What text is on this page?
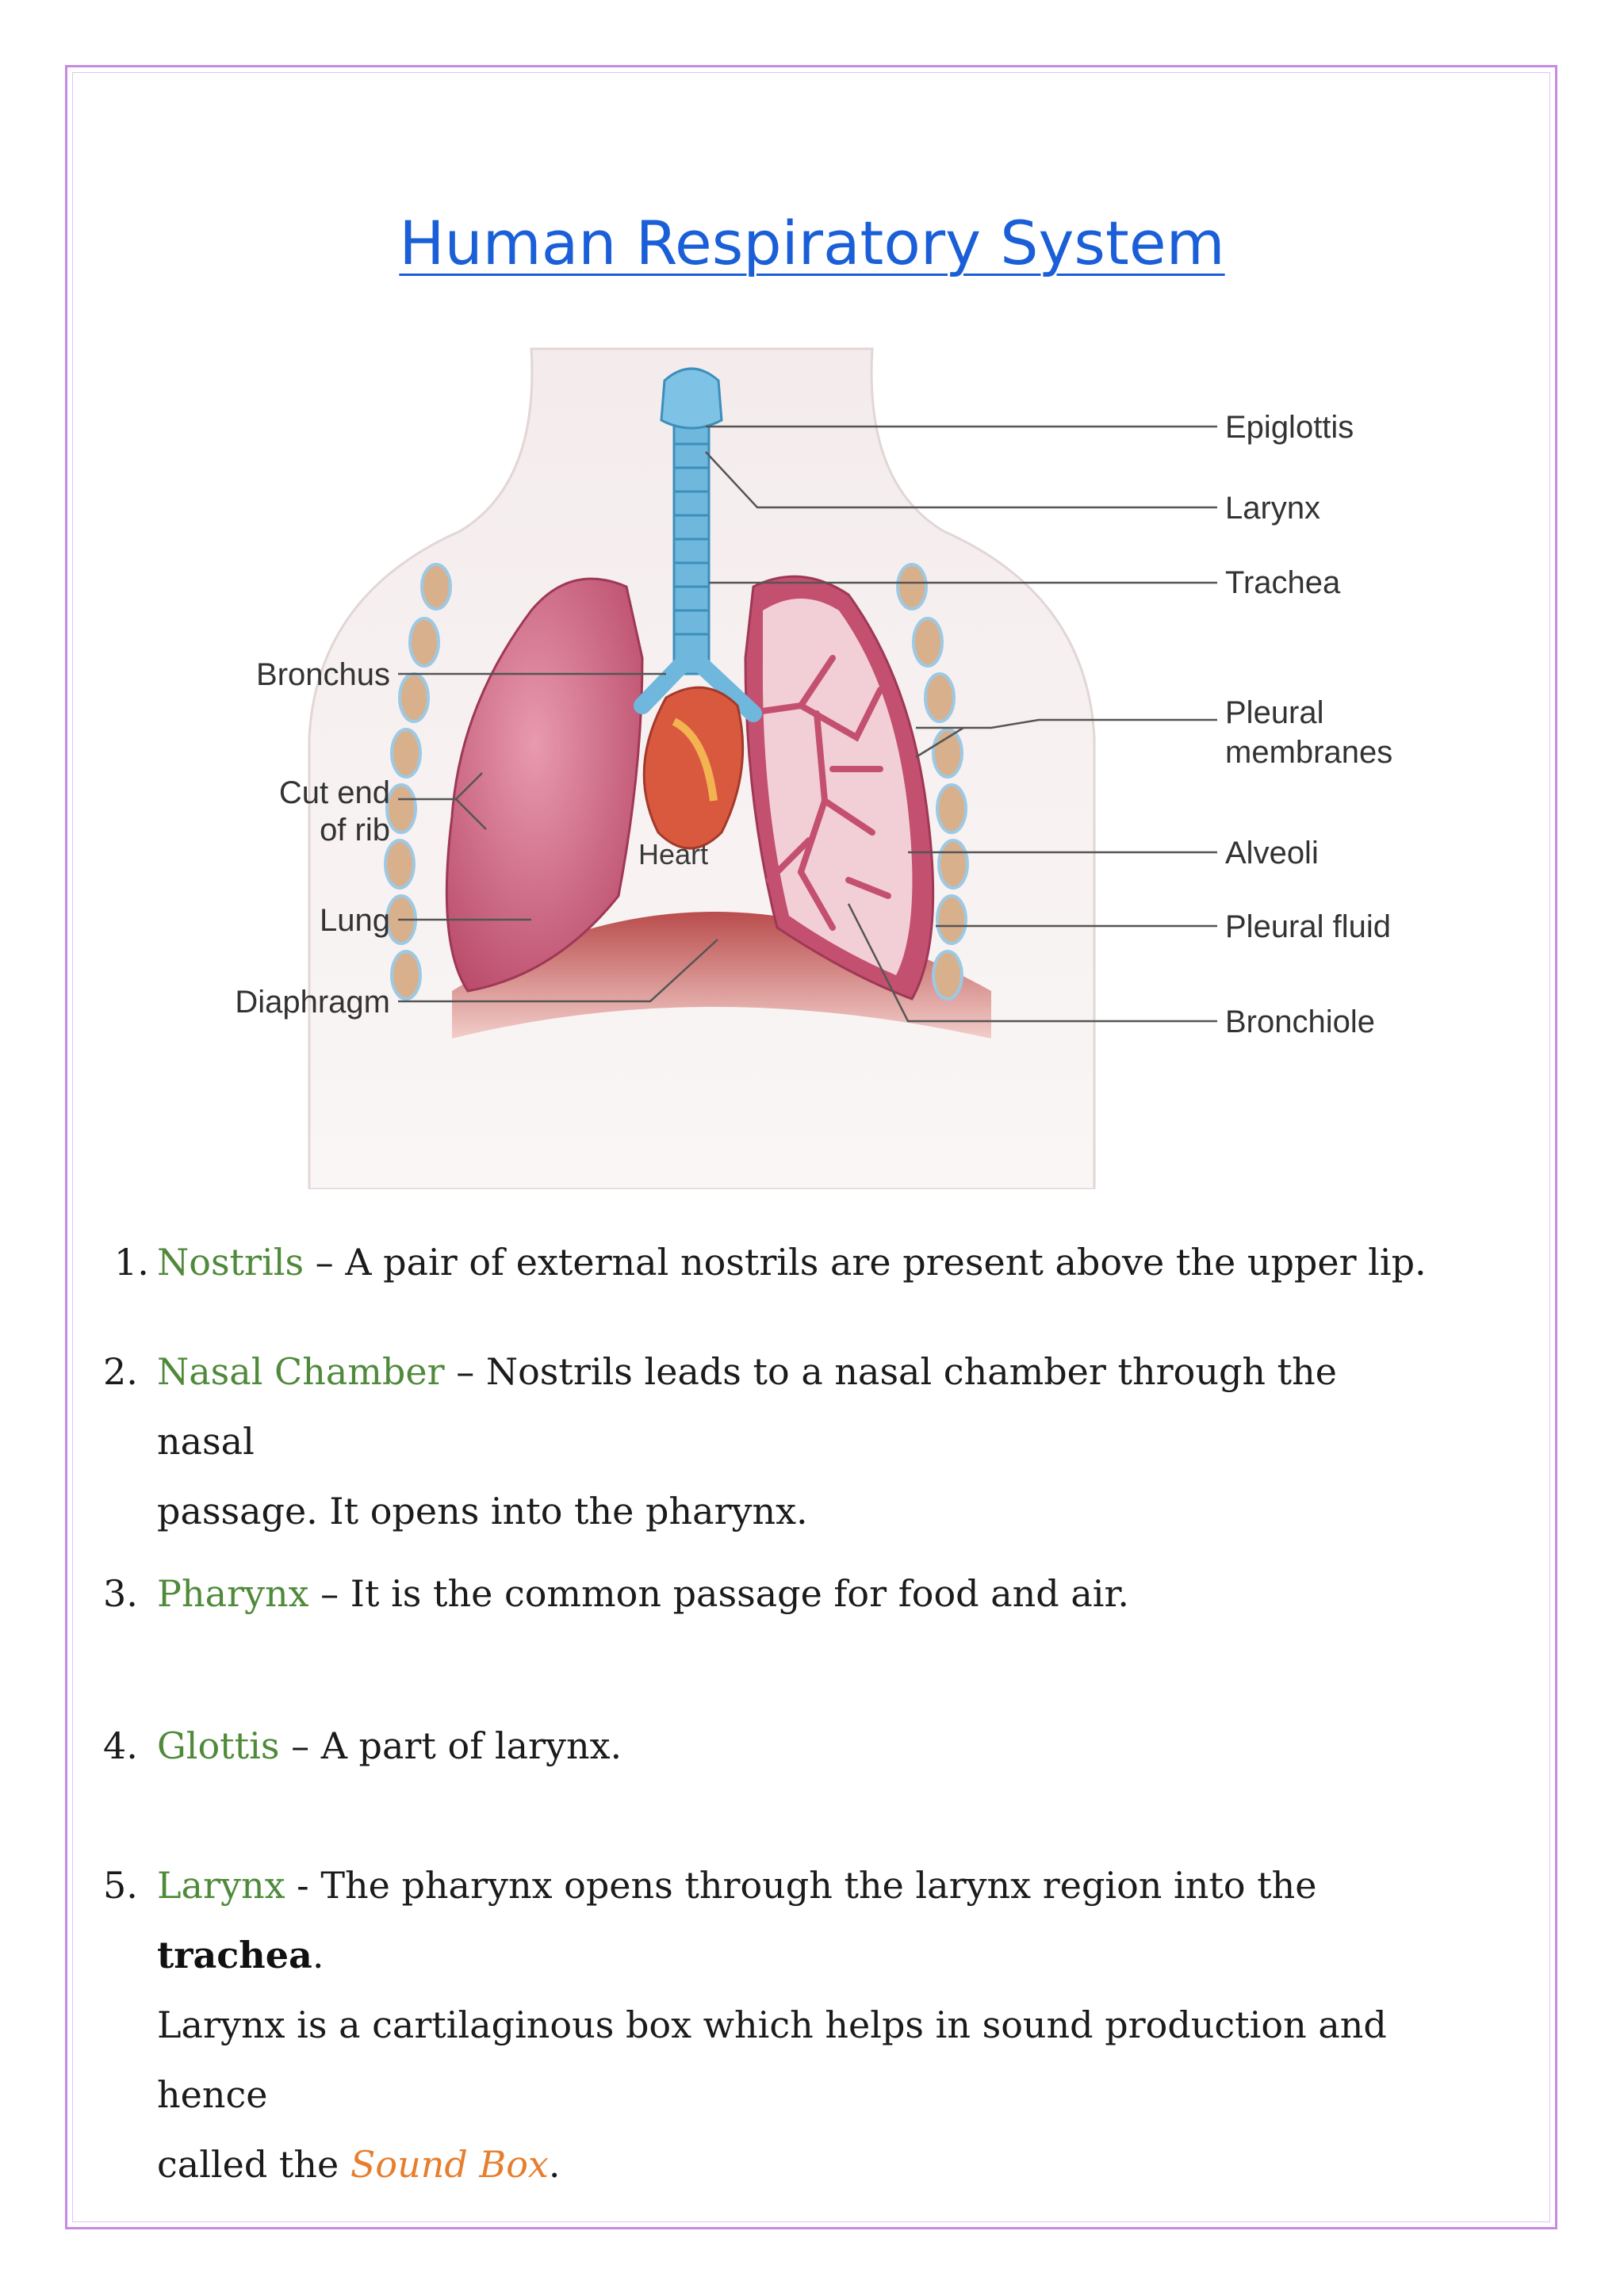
Human Respiratory System
Heart
Epiglottis
Larynx
Trachea
Pleural
membranes
Alveoli
Pleural fluid
Bronchiole
Bronchus
Cut end
of rib
Lung
Diaphragm
1. Nostrils – A pair of external nostrils are present above the upper lip.
2. Nasal Chamber – Nostrils leads to a nasal chamber through the nasal
passage. It opens into the pharynx.
3. Pharynx – It is the common passage for food and air.
4. Glottis – A part of larynx.
5. Larynx - The pharynx opens through the larynx region into the trachea.
Larynx is a cartilaginous box which helps in sound production and hence
called the Sound Box.
